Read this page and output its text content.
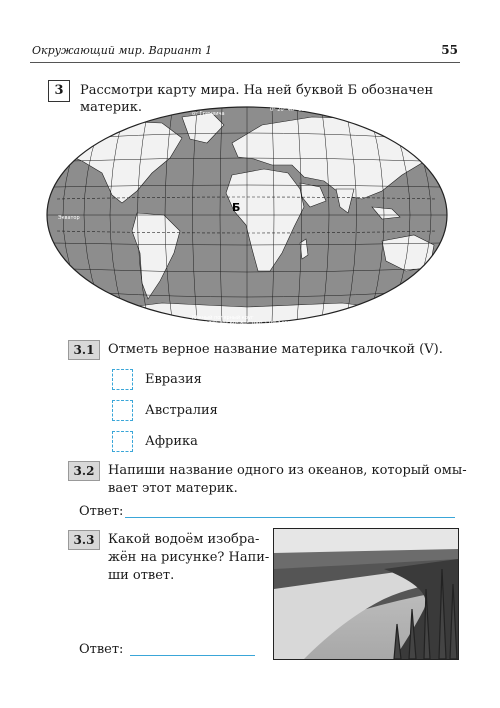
Окружающий мир. Вариант 1	55
3	Рассмотри карту мира. На ней буквой Б обозначен материк.
Б
Экватор
Южный полярный круг
от Гринвича
0° 20° 40° 60° 80° 100° 120° 140° 160° 180°
60° 120° 100° 80° 60° 40° 20° 0° 20° 40° 60° 80° 100° 120° 140° 160° 180°
3.1	Отметь верное название материка галочкой (V).
Евразия
Австралия
Африка
3.2	Напиши название одного из океанов, который омы-
вает этот материк.
Ответ:
3.3	Какой водоём изобра-
жён на рисунке? Напи-
ши ответ.
Ответ:
